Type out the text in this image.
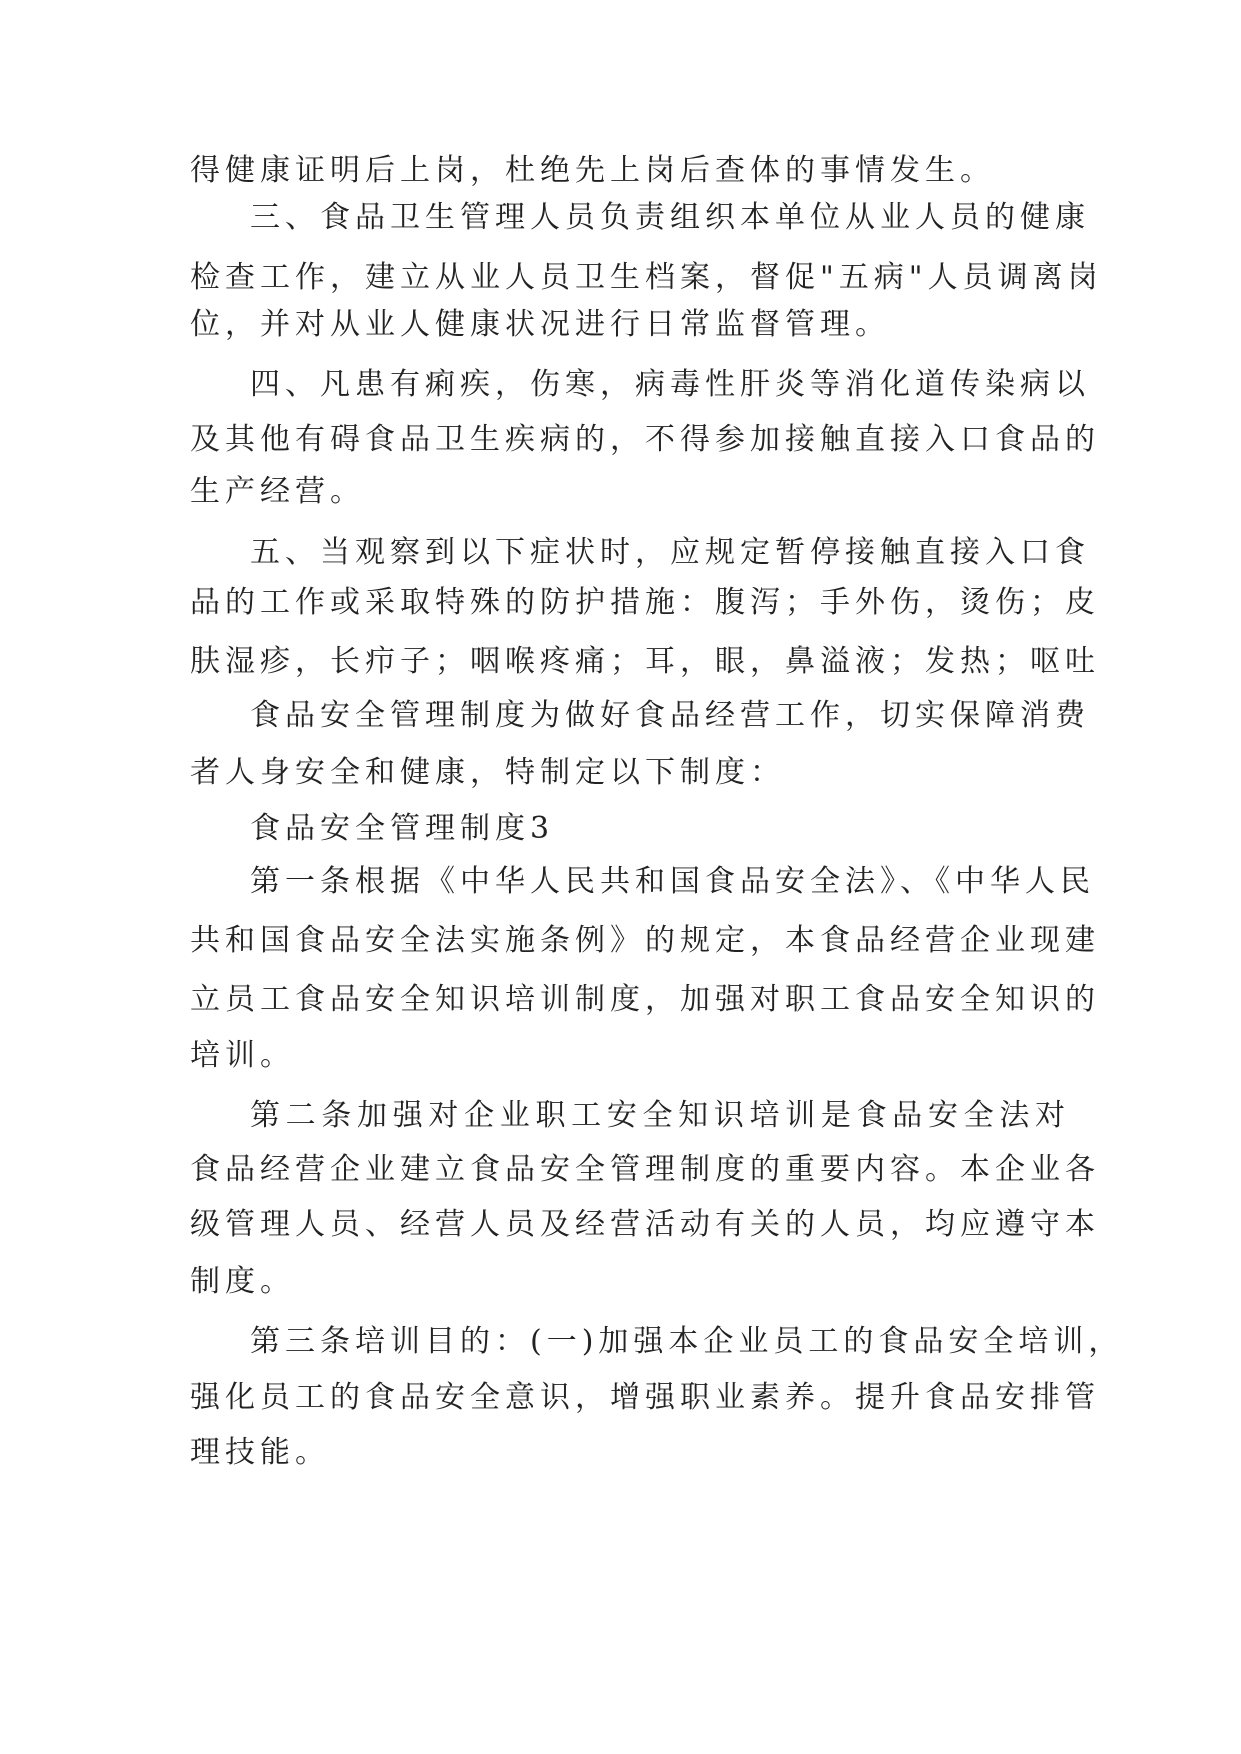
得健康证明后上岗，杜绝先上岗后查体的事情发生。
三、食品卫生管理人员负责组织本单位从业人员的健康
检查工作，建立从业人员卫生档案，督促"五病"人员调离岗
位，并对从业人健康状况进行日常监督管理。
四、凡患有痢疾，伤寒，病毒性肝炎等消化道传染病以
及其他有碍食品卫生疾病的，不得参加接触直接入口食品的
生产经营。
五、当观察到以下症状时，应规定暂停接触直接入口食
品的工作或采取特殊的防护措施：腹泻；手外伤，烫伤；皮
肤湿疹，长疖子；咽喉疼痛；耳，眼，鼻溢液；发热；呕吐
食品安全管理制度为做好食品经营工作，切实保障消费
者人身安全和健康，特制定以下制度：
食品安全管理制度3
第一条根据《中华人民共和国食品安全法》、《中华人民
共和国食品安全法实施条例》的规定，本食品经营企业现建
立员工食品安全知识培训制度，加强对职工食品安全知识的
培训。
第二条加强对企业职工安全知识培训是食品安全法对
食品经营企业建立食品安全管理制度的重要内容。本企业各
级管理人员、经营人员及经营活动有关的人员，均应遵守本
制度。
第三条培训目的：(一)加强本企业员工的食品安全培训，
强化员工的食品安全意识，增强职业素养。提升食品安排管
理技能。
